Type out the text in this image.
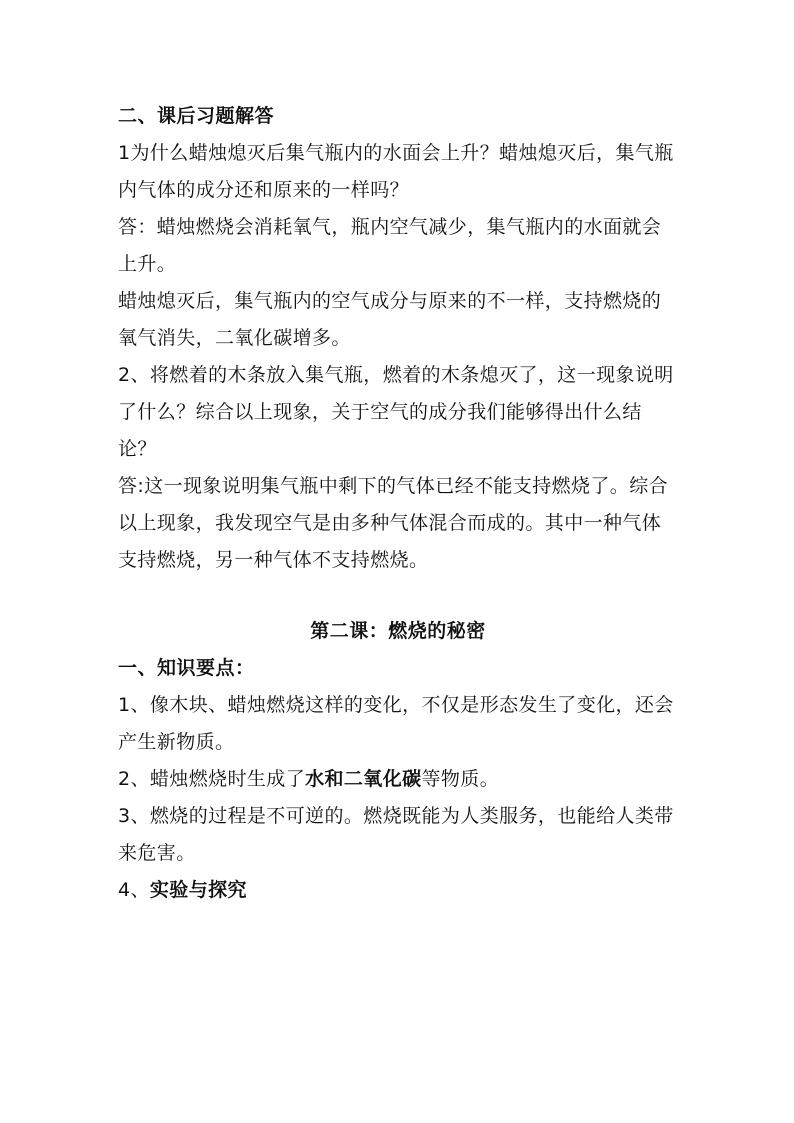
二、课后习题解答
1为什么蜡烛熄灭后集气瓶内的水面会上升？蜡烛熄灭后，集气瓶内气体的成分还和原来的一样吗？
答：蜡烛燃烧会消耗氧气，瓶内空气减少，集气瓶内的水面就会上升。
蜡烛熄灭后，集气瓶内的空气成分与原来的不一样，支持燃烧的氧气消失，二氧化碳增多。
2、将燃着的木条放入集气瓶，燃着的木条熄灭了，这一现象说明了什么？综合以上现象，关于空气的成分我们能够得出什么结论？
答:这一现象说明集气瓶中剩下的气体已经不能支持燃烧了。综合以上现象，我发现空气是由多种气体混合而成的。其中一种气体支持燃烧，另一种气体不支持燃烧。
第二课：燃烧的秘密
一、知识要点：
1、像木块、蜡烛燃烧这样的变化，不仅是形态发生了变化，还会产生新物质。
2、蜡烛燃烧时生成了水和二氧化碳等物质。
3、燃烧的过程是不可逆的。燃烧既能为人类服务，也能给人类带来危害。
4、实验与探究
